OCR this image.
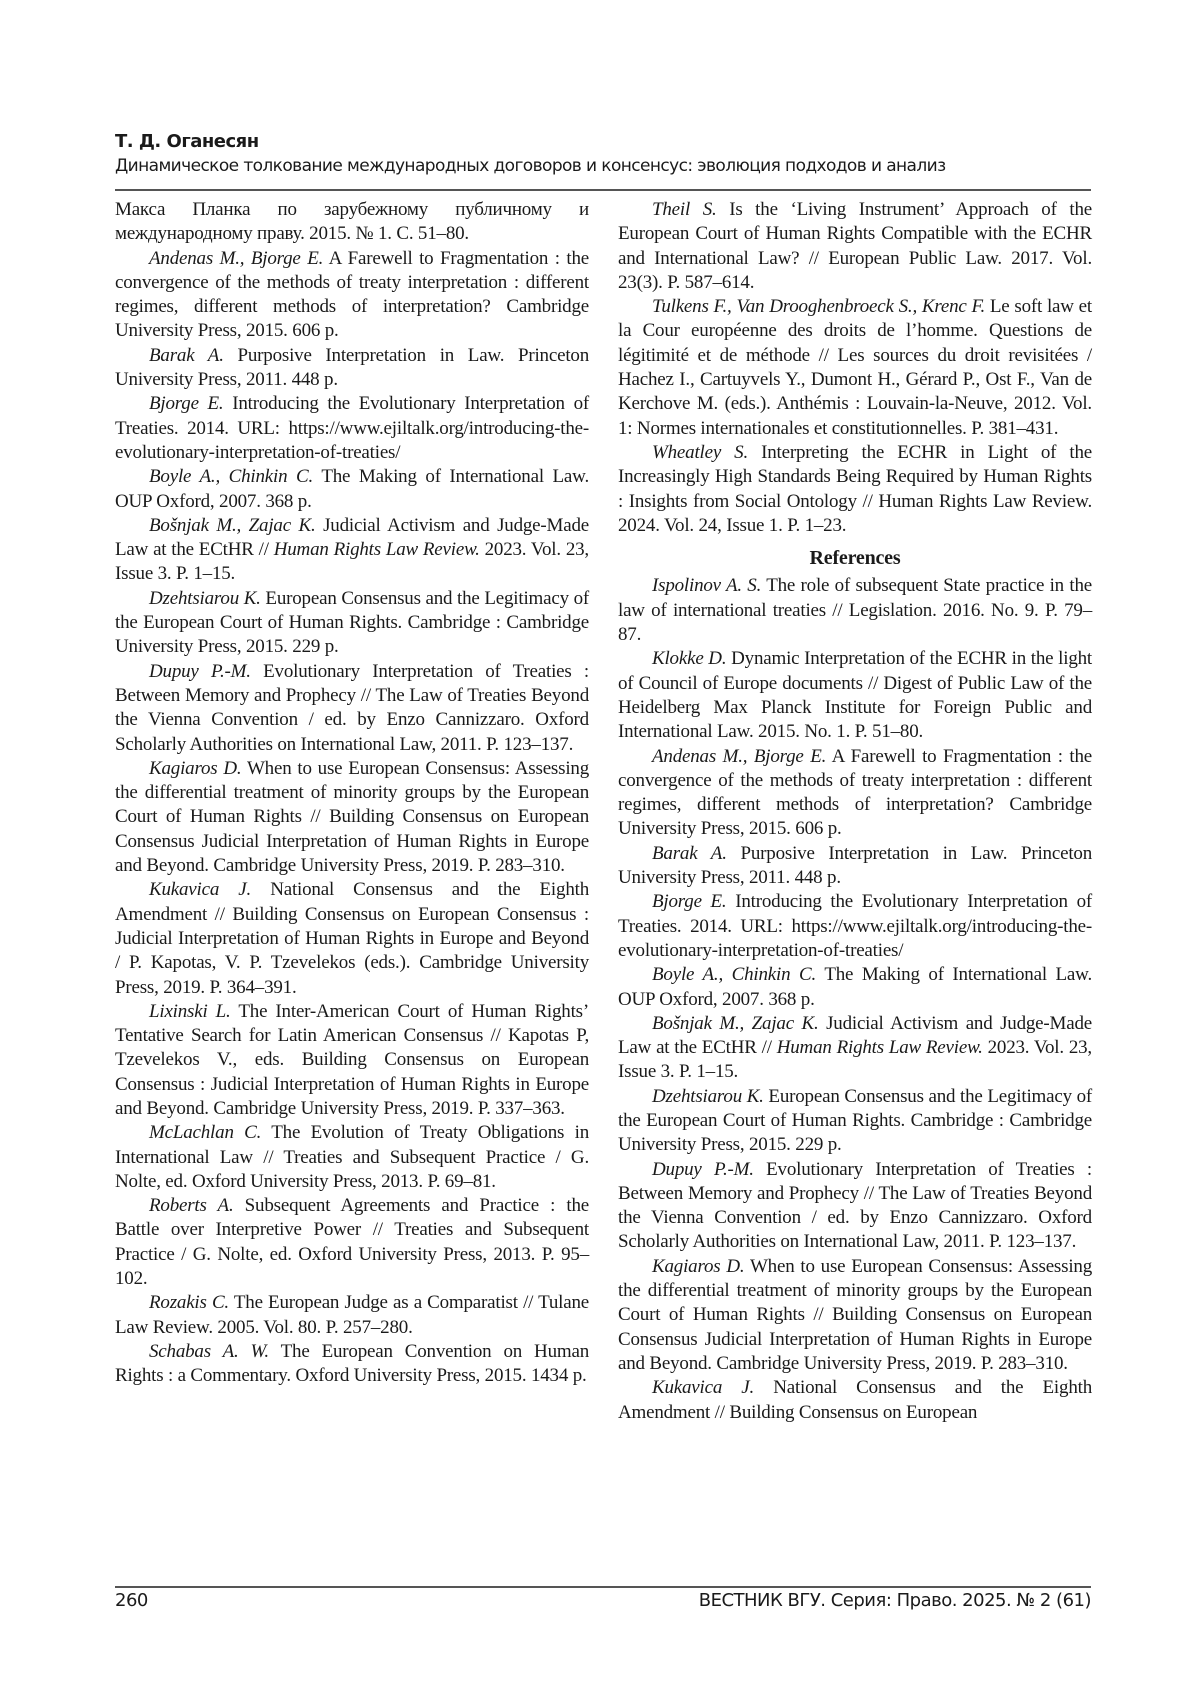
Т. Д. Оганесян
Динамическое толкование международных договоров и консенсус: эволюция подходов и анализ

Макса Планка по зарубежному публичному и международному праву. 2015. № 1. С. 51–80.

Andenas M., Bjorge E. A Farewell to Fragmentation : the convergence of the methods of treaty interpretation : different regimes, different methods of interpretation? Cambridge University Press, 2015. 606 p.

Barak A. Purposive Interpretation in Law. Princeton University Press, 2011. 448 p.

Bjorge E. Introducing the Evolutionary Interpretation of Treaties. 2014. URL: https://www.ejiltalk.org/introducing-the-evolutionary-interpretation-of-treaties/

Boyle A., Chinkin C. The Making of International Law. OUP Oxford, 2007. 368 p.

Bošnjak M., Zajac K. Judicial Activism and Judge-Made Law at the ECtHR // Human Rights Law Review. 2023. Vol. 23, Issue 3. P. 1–15.

Dzehtsiarou K. European Consensus and the Legitimacy of the European Court of Human Rights. Cambridge : Cambridge University Press, 2015. 229 p.

Dupuy P.-M. Evolutionary Interpretation of Treaties : Between Memory and Prophecy // The Law of Treaties Beyond the Vienna Convention / ed. by Enzo Cannizzaro. Oxford Scholarly Authorities on International Law, 2011. P. 123–137.

Kagiaros D. When to use European Consensus: Assessing the differential treatment of minority groups by the European Court of Human Rights // Building Consensus on European Consensus Judicial Interpretation of Human Rights in Europe and Beyond. Cambridge University Press, 2019. P. 283–310.

Kukavica J. National Consensus and the Eighth Amendment // Building Consensus on European Consensus : Judicial Interpretation of Human Rights in Europe and Beyond / P. Kapotas, V. P. Tzevelekos (eds.). Cambridge University Press, 2019. P. 364–391.

Lixinski L. The Inter-American Court of Human Rights’ Tentative Search for Latin American Consensus // Kapotas P, Tzevelekos V., eds. Building Consensus on European Consensus : Judicial Interpretation of Human Rights in Europe and Beyond. Cambridge University Press, 2019. P. 337–363.

McLachlan C. The Evolution of Treaty Obligations in International Law // Treaties and Subsequent Practice / G. Nolte, ed. Oxford University Press, 2013. P. 69–81.

Roberts A. Subsequent Agreements and Practice : the Battle over Interpretive Power // Treaties and Subsequent Practice / G. Nolte, ed. Oxford University Press, 2013. P. 95–102.

Rozakis C. The European Judge as a Comparatist // Tulane Law Review. 2005. Vol. 80. P. 257–280.

Schabas A. W. The European Convention on Human Rights : a Commentary. Oxford University Press, 2015. 1434 p.

Theil S. Is the ‘Living Instrument’ Approach of the European Court of Human Rights Compatible with the ECHR and International Law? // European Public Law. 2017. Vol. 23(3). P. 587–614.

Tulkens F., Van Drooghenbroeck S., Krenc F. Le soft law et la Cour européenne des droits de l’homme. Questions de légitimité et de méthode // Les sources du droit revisitées / Hachez I., Cartuyvels Y., Dumont H., Gérard P., Ost F., Van de Kerchove M. (eds.). Anthémis : Louvain-la-Neuve, 2012. Vol. 1: Normes internationales et constitutionnelles. P. 381–431.

Wheatley S. Interpreting the ECHR in Light of the Increasingly High Standards Being Required by Human Rights : Insights from Social Ontology // Human Rights Law Review. 2024. Vol. 24, Issue 1. P. 1–23.

References

Ispolinov A. S. The role of subsequent State practice in the law of international treaties // Legislation. 2016. No. 9. P. 79–87.

Klokke D. Dynamic Interpretation of the ECHR in the light of Council of Europe documents // Digest of Public Law of the Heidelberg Max Planck Institute for Foreign Public and International Law. 2015. No. 1. P. 51–80.

Andenas M., Bjorge E. A Farewell to Fragmentation : the convergence of the methods of treaty interpretation : different regimes, different methods of interpretation? Cambridge University Press, 2015. 606 p.

Barak A. Purposive Interpretation in Law. Princeton University Press, 2011. 448 p.

Bjorge E. Introducing the Evolutionary Interpretation of Treaties. 2014. URL: https://www.ejiltalk.org/introducing-the-evolutionary-interpretation-of-treaties/

Boyle A., Chinkin C. The Making of International Law. OUP Oxford, 2007. 368 p.

Bošnjak M., Zajac K. Judicial Activism and Judge-Made Law at the ECtHR // Human Rights Law Review. 2023. Vol. 23, Issue 3. P. 1–15.

Dzehtsiarou K. European Consensus and the Legitimacy of the European Court of Human Rights. Cambridge : Cambridge University Press, 2015. 229 p.

Dupuy P.-M. Evolutionary Interpretation of Treaties : Between Memory and Prophecy // The Law of Treaties Beyond the Vienna Convention / ed. by Enzo Cannizzaro. Oxford Scholarly Authorities on International Law, 2011. P. 123–137.

Kagiaros D. When to use European Consensus: Assessing the differential treatment of minority groups by the European Court of Human Rights // Building Consensus on European Consensus Judicial Interpretation of Human Rights in Europe and Beyond. Cambridge University Press, 2019. P. 283–310.

Kukavica J. National Consensus and the Eighth Amendment // Building Consensus on European

260	ВЕСТНИК ВГУ. Серия: Право. 2025. № 2 (61)
